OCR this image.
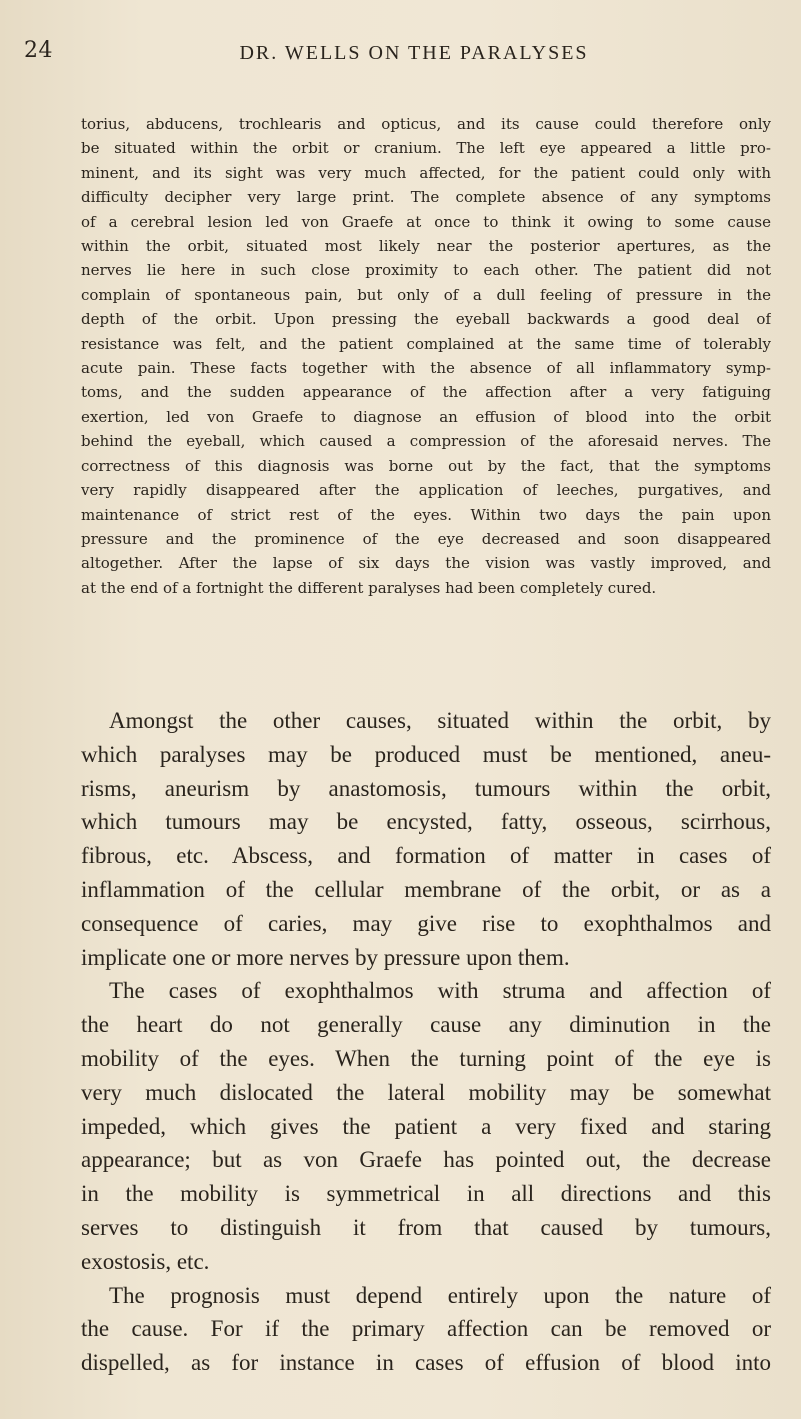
24	DR. WELLS ON THE PARALYSES
torius, abducens, trochlearis and opticus, and its cause could therefore only
be situated within the orbit or cranium. The left eye appeared a little pro-
minent, and its sight was very much affected, for the patient could only with
difficulty decipher very large print. The complete absence of any symptoms
of a cerebral lesion led von Graefe at once to think it owing to some cause
within the orbit, situated most likely near the posterior apertures, as the
nerves lie here in such close proximity to each other. The patient did not
complain of spontaneous pain, but only of a dull feeling of pressure in the
depth of the orbit. Upon pressing the eyeball backwards a good deal of
resistance was felt, and the patient complained at the same time of tolerably
acute pain. These facts together with the absence of all inflammatory symp-
toms, and the sudden appearance of the affection after a very fatiguing
exertion, led von Graefe to diagnose an effusion of blood into the orbit
behind the eyeball, which caused a compression of the aforesaid nerves. The
correctness of this diagnosis was borne out by the fact, that the symptoms
very rapidly disappeared after the application of leeches, purgatives, and
maintenance of strict rest of the eyes. Within two days the pain upon
pressure and the prominence of the eye decreased and soon disappeared
altogether. After the lapse of six days the vision was vastly improved, and
at the end of a fortnight the different paralyses had been completely cured.
Amongst the other causes, situated within the orbit, by
which paralyses may be produced must be mentioned, aneu-
risms, aneurism by anastomosis, tumours within the orbit,
which tumours may be encysted, fatty, osseous, scirrhous,
fibrous, etc. Abscess, and formation of matter in cases of
inflammation of the cellular membrane of the orbit, or as a
consequence of caries, may give rise to exophthalmos and
implicate one or more nerves by pressure upon them.
The cases of exophthalmos with struma and affection of
the heart do not generally cause any diminution in the
mobility of the eyes. When the turning point of the eye is
very much dislocated the lateral mobility may be somewhat
impeded, which gives the patient a very fixed and staring
appearance; but as von Graefe has pointed out, the decrease
in the mobility is symmetrical in all directions and this
serves to distinguish it from that caused by tumours,
exostosis, etc.
The prognosis must depend entirely upon the nature of
the cause. For if the primary affection can be removed or
dispelled, as for instance in cases of effusion of blood into
